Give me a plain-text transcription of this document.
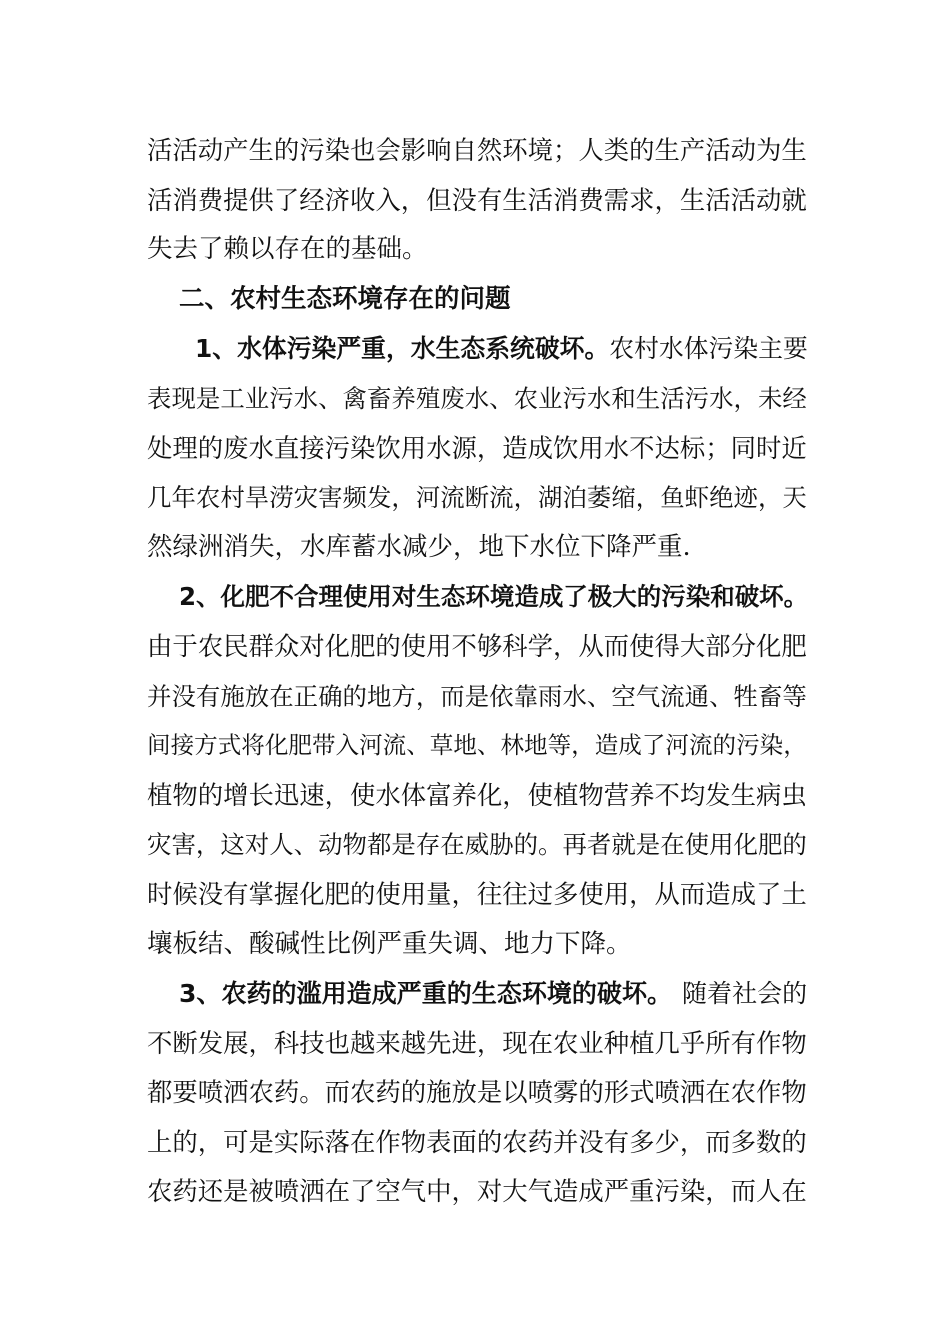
活 活 动 产 生 的 污 染 也 会 影 响 自 然 环 境 ； 人 类 的 生 产 活 动 为 生
活 消 费 提 供 了 经 济 收 入 ， 但 没 有 生 活 消 费 需 求 ， 生 活 活 动 就
失去了赖以存在的基础。
二、农村生态环境存在的问题
1、水体污染严重，水生态系统破坏。 农村水体污染主要
表 现 是 工 业 污 水 、 禽 畜 养 殖 废 水 、 农 业 污 水 和 生 活 污 水 ， 未 经
处 理 的 废 水 直 接 污 染 饮 用 水 源 ， 造 成 饮 用 水 不 达 标 ； 同 时 近
几 年 农 村 旱 涝 灾 害 频 发 ， 河 流 断 流 ， 湖 泊 萎 缩 ， 鱼 虾 绝 迹 ， 天
然绿洲消失，水库蓄水减少，地下水位下降严重.
2、化肥不合理使用对生态环境造成了极大的污染和破坏。
由 于 农 民 群 众 对 化 肥 的 使 用 不 够 科 学 ， 从 而 使 得 大 部 分 化 肥
并 没 有 施 放 在 正 确 的 地 方 ， 而 是 依 靠 雨 水 、 空 气 流 通 、 牲 畜 等
间 接 方 式 将 化 肥 带 入 河 流 、 草 地 、 林 地 等 ， 造 成 了 河 流 的 污 染 ，
植 物 的 增 长 迅 速 ， 使 水 体 富 养 化 ， 使 植 物 营 养 不 均 发 生 病 虫
灾 害 ， 这 对 人 、 动 物 都 是 存 在 威 胁 的 。 再 者 就 是 在 使 用 化 肥 的
时 候 没 有 掌 握 化 肥 的 使 用 量 ， 往 往 过 多 使 用 ， 从 而 造 成 了 土
壤板结、酸碱性比例严重失调、地力下降。
3、农药的滥用造成严重的生态环境的破坏。 随着社会的
不 断 发 展 ， 科 技 也 越 来 越 先 进 ， 现 在 农 业 种 植 几 乎 所 有 作 物
都 要 喷 洒 农 药 。 而 农 药 的 施 放 是 以 喷 雾 的 形 式 喷 洒 在 农 作 物
上 的 ， 可 是 实 际 落 在 作 物 表 面 的 农 药 并 没 有 多 少 ， 而 多 数 的
农 药 还 是 被 喷 洒 在 了 空 气 中 ， 对 大 气 造 成 严 重 污 染 ， 而 人 在
